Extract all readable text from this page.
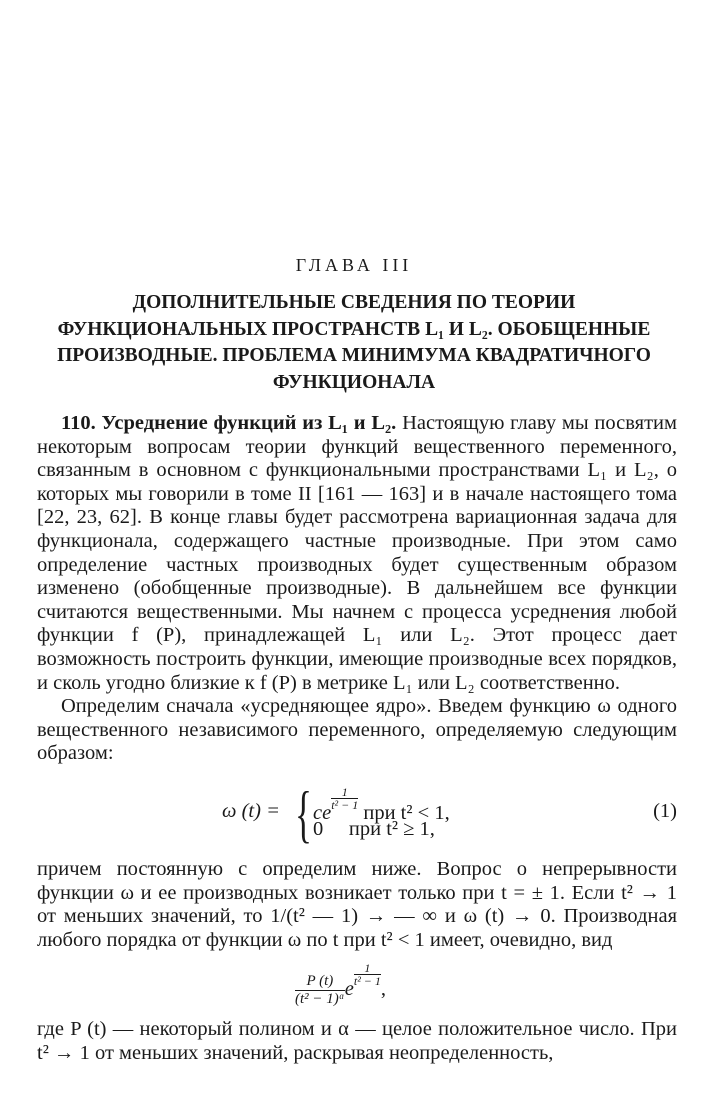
ГЛАВА III
ДОПОЛНИТЕЛЬНЫЕ СВЕДЕНИЯ ПО ТЕОРИИ
ФУНКЦИОНАЛЬНЫХ ПРОСТРАНСТВ L₁ И L₂. ОБОБЩЕННЫЕ
ПРОИЗВОДНЫЕ. ПРОБЛЕМА МИНИМУМА КВАДРАТИЧНОГО
ФУНКЦИОНАЛА

110. Усреднение функций из L₁ и L₂. Настоящую главу мы посвятим некоторым вопросам теории функций вещественного переменного, связанным в основном с функциональными пространствами L₁ и L₂, о которых мы говорили в томе II [161 — 163] и в начале настоящего тома [22, 23, 62]. В конце главы будет рассмотрена вариационная задача для функционала, содержащего частные производные. При этом само определение частных производных будет существенным образом изменено (обобщенные производные). В дальнейшем все функции считаются вещественными. Мы начнем с процесса усреднения любой функции f (P), принадлежащей L₁ или L₂. Этот процесс дает возможность построить функции, имеющие производные всех порядков, и сколь угодно близкие к f (P) в метрике L₁ или L₂ соответственно.

Определим сначала «усредняющее ядро». Введем функцию ω одного вещественного независимого переменного, определяемую следующим образом:

ω (t) = { ce
$\frac{1}{\text{t² − 1}}$
при t² < 1,
0 при t² ≥ 1,
(1)

причем постоянную c определим ниже. Вопрос о непрерывности функции ω и ее производных возникает только при t = ± 1. Если t² → 1 от меньших значений, то 1/(t² — 1) → — ∞ и ω (t) → 0. Производная любого порядка от функции ω по t при t² < 1 имеет, очевидно, вид

$\frac{P (t)}{\text{(t² − 1)ᵅ}}$ e
$\frac{1}{\text{t² − 1}}$
,

где P (t) — некоторый полином и α — целое положительное число. При t² → 1 от меньших значений, раскрывая неопределенность,
